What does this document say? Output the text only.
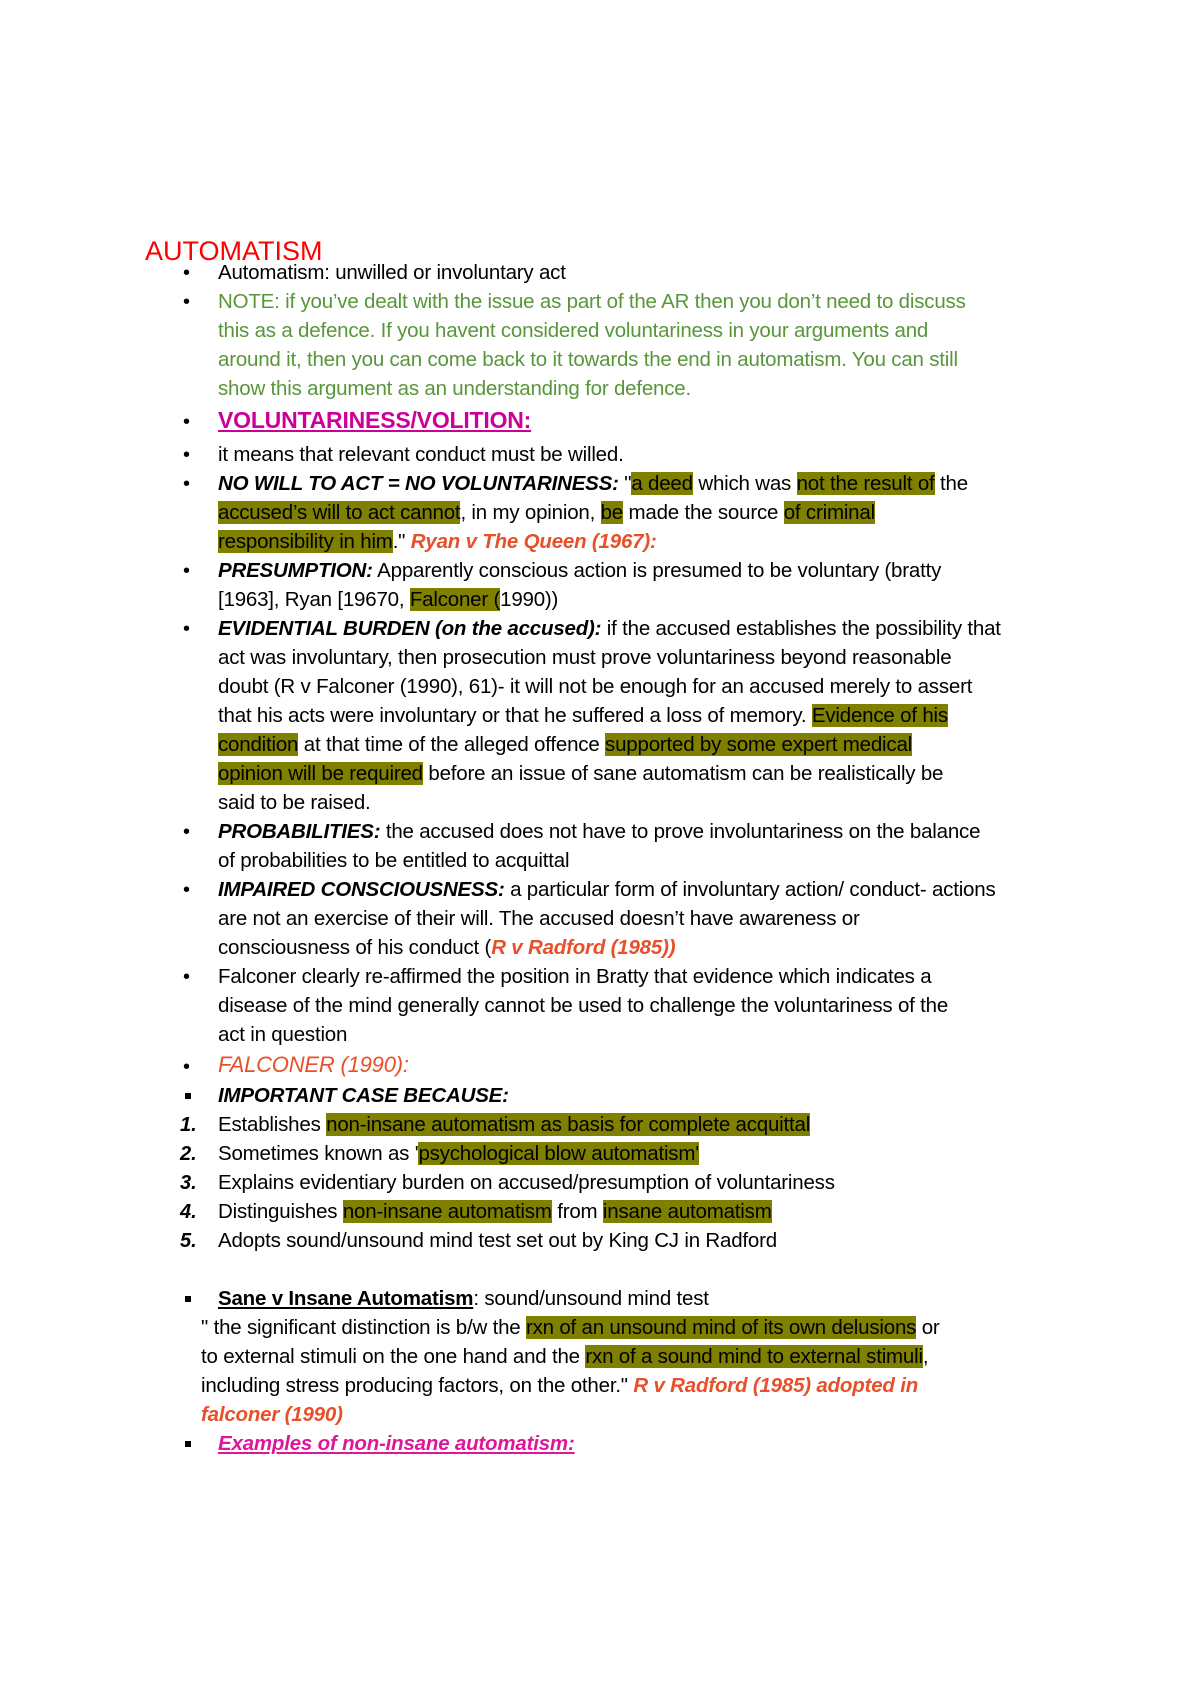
AUTOMATISM
• Automatism: unwilled or involuntary act
• NOTE: if you’ve dealt with the issue as part of the AR then you don’t need to discuss
this as a defence. If you havent considered voluntariness in your arguments and
around it, then you can come back to it towards the end in automatism. You can still
show this argument as an understanding for defence.
• VOLUNTARINESS/VOLITION:
• it means that relevant conduct must be willed.
• NO WILL TO ACT = NO VOLUNTARINESS: "a deed which was not the result of the
accused’s will to act cannot, in my opinion, be made the source of criminal
responsibility in him." Ryan v The Queen (1967):
• PRESUMPTION: Apparently conscious action is presumed to be voluntary (bratty
[1963], Ryan [19670, Falconer (1990))
• EVIDENTIAL BURDEN (on the accused): if the accused establishes the possibility that
act was involuntary, then prosecution must prove voluntariness beyond reasonable
doubt (R v Falconer (1990), 61)- it will not be enough for an accused merely to assert
that his acts were involuntary or that he suffered a loss of memory. Evidence of his
condition at that time of the alleged offence supported by some expert medical
opinion will be required before an issue of sane automatism can be realistically be
said to be raised.
• PROBABILITIES: the accused does not have to prove involuntariness on the balance
of probabilities to be entitled to acquittal
• IMPAIRED CONSCIOUSNESS: a particular form of involuntary action/ conduct- actions
are not an exercise of their will. The accused doesn’t have awareness or
consciousness of his conduct (R v Radford (1985))
• Falconer clearly re-affirmed the position in Bratty that evidence which indicates a
disease of the mind generally cannot be used to challenge the voluntariness of the
act in question
• FALCONER (1990):
IMPORTANT CASE BECAUSE:
1. Establishes non-insane automatism as basis for complete acquittal
2. Sometimes known as 'psychological blow automatism'
3. Explains evidentiary burden on accused/presumption of voluntariness
4. Distinguishes non-insane automatism from insane automatism
5. Adopts sound/unsound mind test set out by King CJ in Radford
Sane v Insane Automatism: sound/unsound mind test
" the significant distinction is b/w the rxn of an unsound mind of its own delusions or
to external stimuli on the one hand and the rxn of a sound mind to external stimuli,
including stress producing factors, on the other." R v Radford (1985) adopted in
falconer (1990)
Examples of non-insane automatism:
